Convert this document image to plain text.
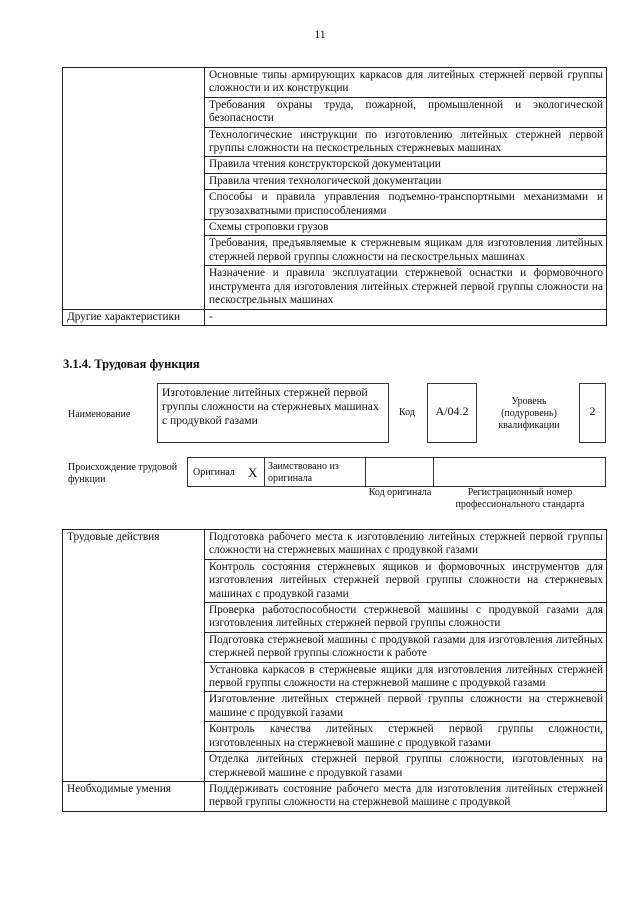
11
	Основные типы армирующих каркасов для литейных стержней первой группы сложности и их конструкции
	Требования охраны труда, пожарной, промышленной и экологической безопасности
	Технологические инструкции по изготовлению литейных стержней первой группы сложности на пескострельных стержневых машинах
	Правила чтения конструкторской документации
	Правила чтения технологической документации
	Способы и правила управления подъемно-транспортными механизмами и грузозахватными приспособлениями
	Схемы строповки грузов
	Требования, предъявляемые к стержневым ящикам для изготовления литейных стержней первой группы сложности на пескострельных машинах
	Назначение и правила эксплуатации стержневой оснастки и формовочного инструмента для изготовления литейных стержней первой группы сложности на пескострельных машинах
Другие характеристики	-
3.1.4. Трудовая функция
Наименование
Изготовление литейных стержней первой группы сложности на стержневых машинах с продувкой газами
Код	A/04.2
Уровень (подуровень) квалификации
2
Происхождение трудовой функции
Оригинал X Заимствовано из оригинала
Код оригинала	Регистрационный номер профессионального стандарта
Трудовые действия	Подготовка рабочего места к изготовлению литейных стержней первой группы сложности на стержневых машинах с продувкой газами
	Контроль состояния стержневых ящиков и формовочных инструментов для изготовления литейных стержней первой группы сложности на стержневых машинах с продувкой газами
	Проверка работоспособности стержневой машины с продувкой газами для изготовления литейных стержней первой группы сложности
	Подготовка стержневой машины с продувкой газами для изготовления литейных стержней первой группы сложности к работе
	Установка каркасов в стержневые ящики для изготовления литейных стержней первой группы сложности на стержневой машине с продувкой газами
	Изготовление литейных стержней первой группы сложности на стержневой машине с продувкой газами
	Контроль качества литейных стержней первой группы сложности, изготовленных на стержневой машине с продувкой газами
	Отделка литейных стержней первой группы сложности, изготовленных на стержневой машине с продувкой газами
Необходимые умения	Поддерживать состояние рабочего места для изготовления литейных стержней первой группы сложности на стержневой машине с продувкой
